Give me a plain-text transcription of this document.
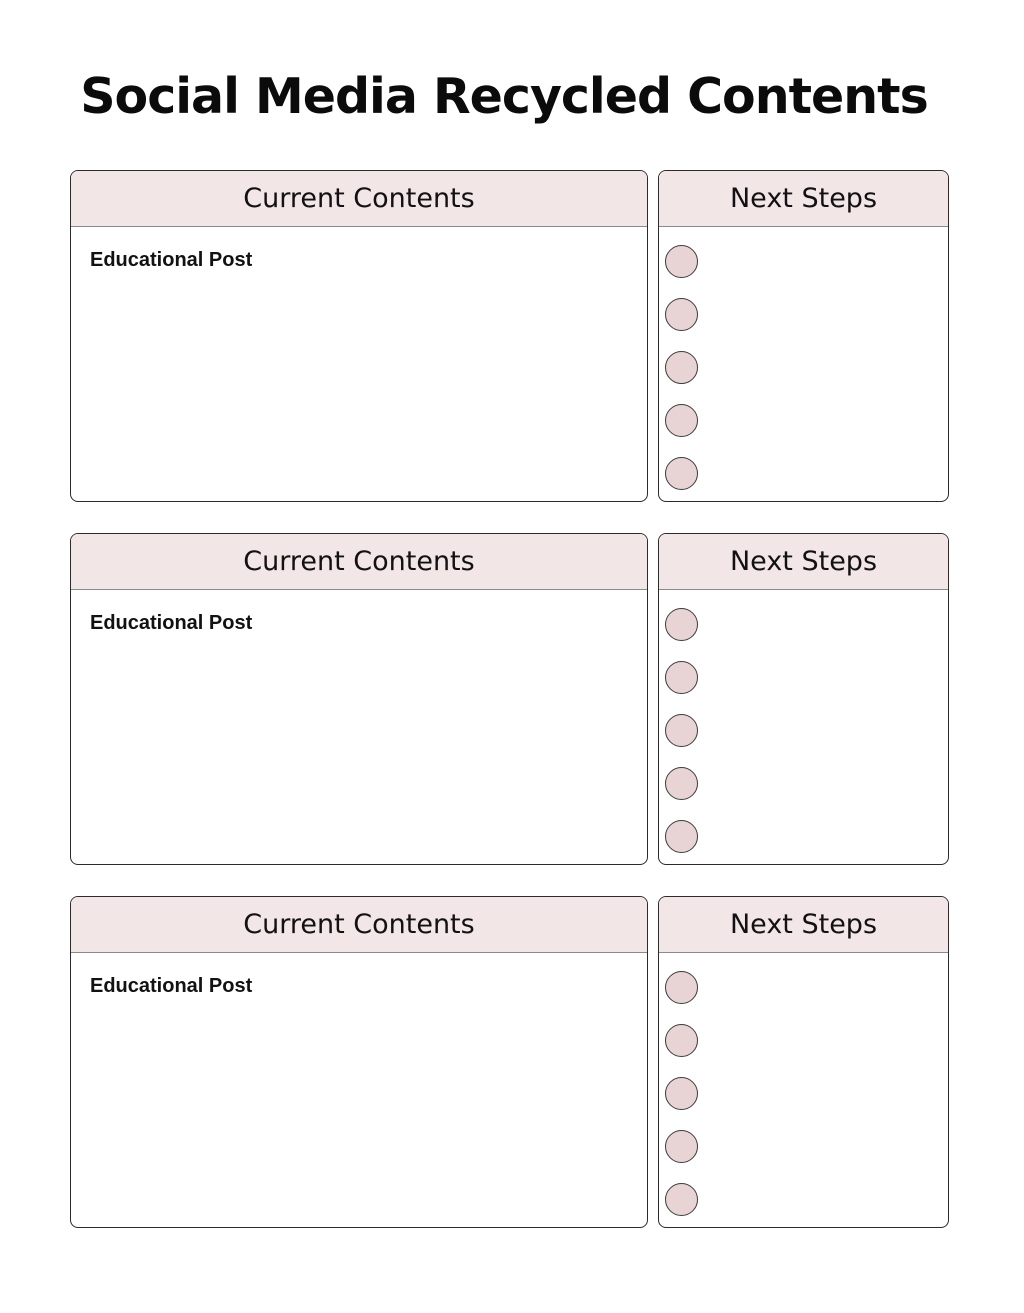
Social Media Recycled Contents
Current Contents
Educational Post
Next Steps
Current Contents
Educational Post
Next Steps
Current Contents
Educational Post
Next Steps
